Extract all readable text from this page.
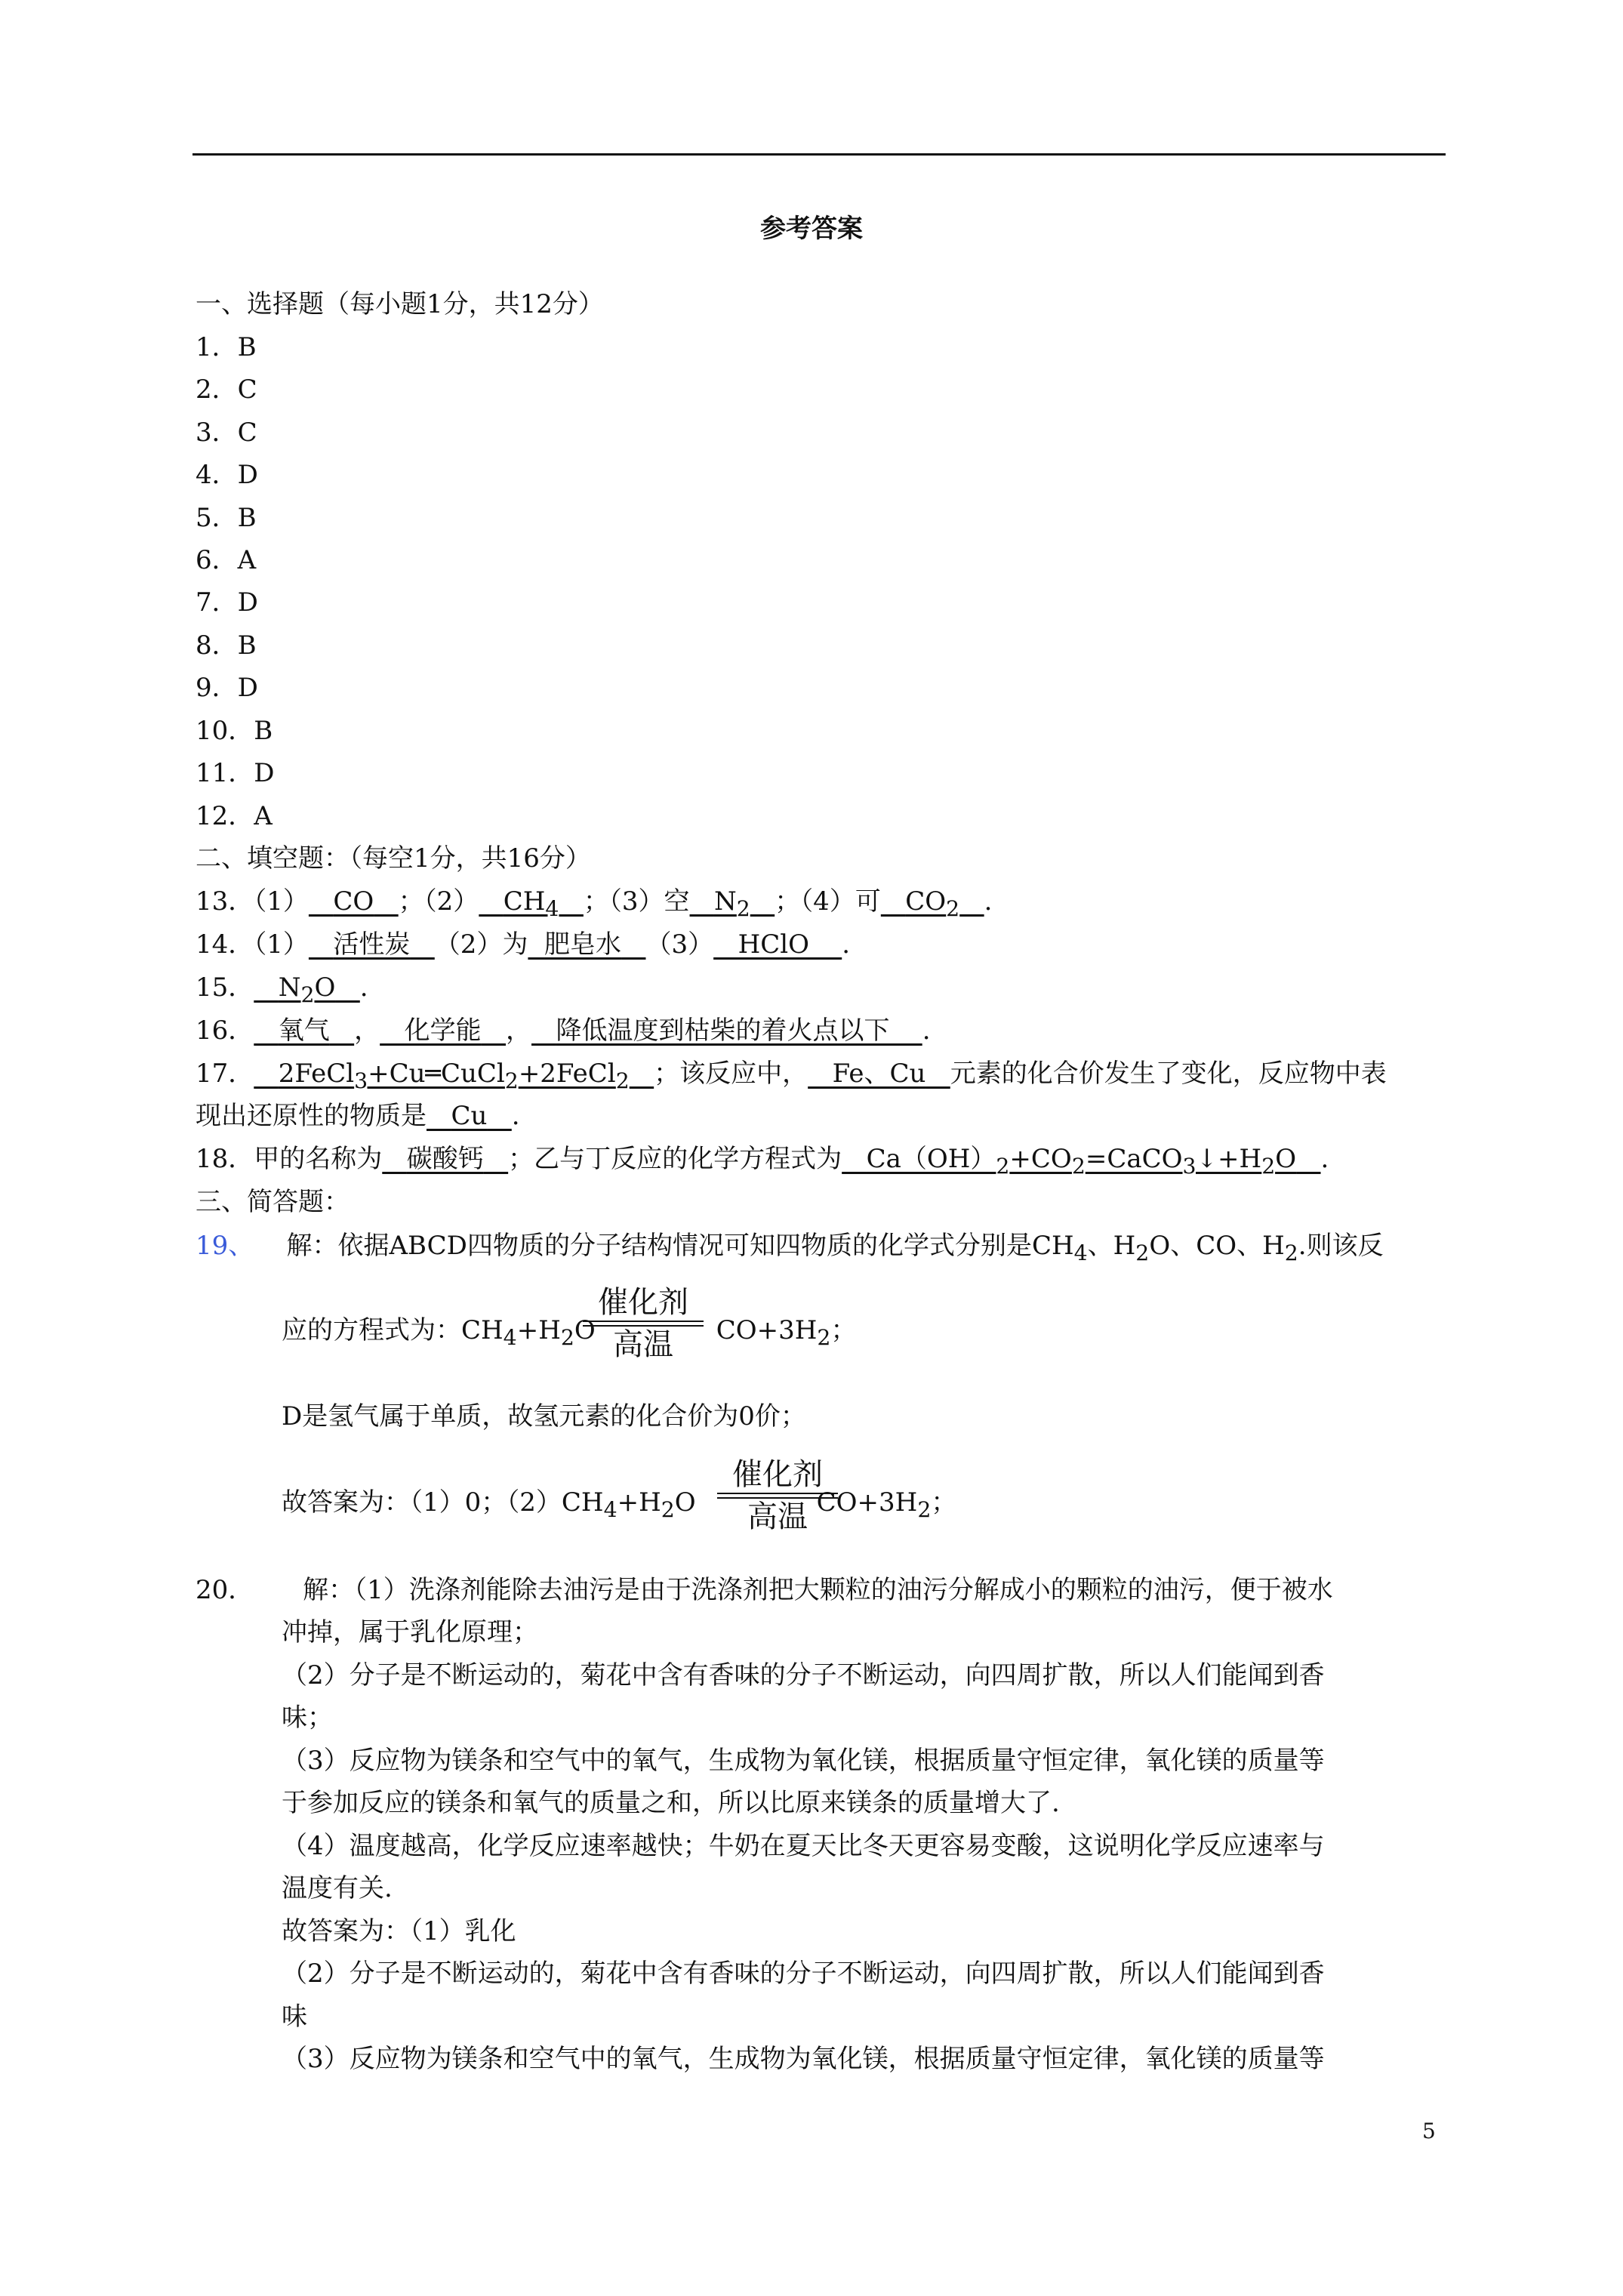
参考答案
一、选择题（每小题1分，共12分）
1．B
2．C
3．C
4．D
5．B
6．A
7．D
8．B
9．D
10．B
11．D
12．A
二、填空题：（每空1分，共16分）
13．（1） CO ；（2） $CH_4$ ；（3）空 $N_2$ ；（4）可 $CO_2$ .
14．（1） 活性炭 （2）为 肥皂水 （3） HClO .
15． $N_2O$ .
16． 氧气 ， 化学能 ， 降低温度到枯柴的着火点以下 .
17． 2FeCl$_3$+Cu═CuCl$_2$+2FeCl$_2$ ；该反应中， Fe、Cu 元素的化合价发生了变化，反应物中表
现出还原性的物质是 Cu .
18．甲的名称为 碳酸钙 ；乙与丁反应的化学方程式为 $Ca(OH)_2+CO_2=CaCO_3↓+H_2O$ .
三、简答题：
19、 解：依据ABCD四物质的分子结构情况可知四物质的化学式分别是$CH_4$、$H_2O$、CO、$H_2$.则该反
应的方程式为：$CH_4+H_2O$	$CO+3H_2$；
催化剂
高温
D是氢气属于单质，故氢元素的化合价为0价；
故答案为：（1）0；$(2)CH_4+H_2O$	$CO+3H_2$；
催化剂
高温
20． 解：（1）洗涤剂能除去油污是由于洗涤剂把大颗粒的油污分解成小的颗粒的油污，便于被水
冲掉，属于乳化原理；
（2）分子是不断运动的，菊花中含有香味的分子不断运动，向四周扩散，所以人们能闻到香
味；
（3）反应物为镁条和空气中的氧气，生成物为氧化镁，根据质量守恒定律，氧化镁的质量等
于参加反应的镁条和氧气的质量之和，所以比原来镁条的质量增大了.
（4）温度越高，化学反应速率越快；牛奶在夏天比冬天更容易变酸，这说明化学反应速率与
温度有关.
故答案为：（1）乳化
（2）分子是不断运动的，菊花中含有香味的分子不断运动，向四周扩散，所以人们能闻到香
味
（3）反应物为镁条和空气中的氧气，生成物为氧化镁，根据质量守恒定律，氧化镁的质量等
5
